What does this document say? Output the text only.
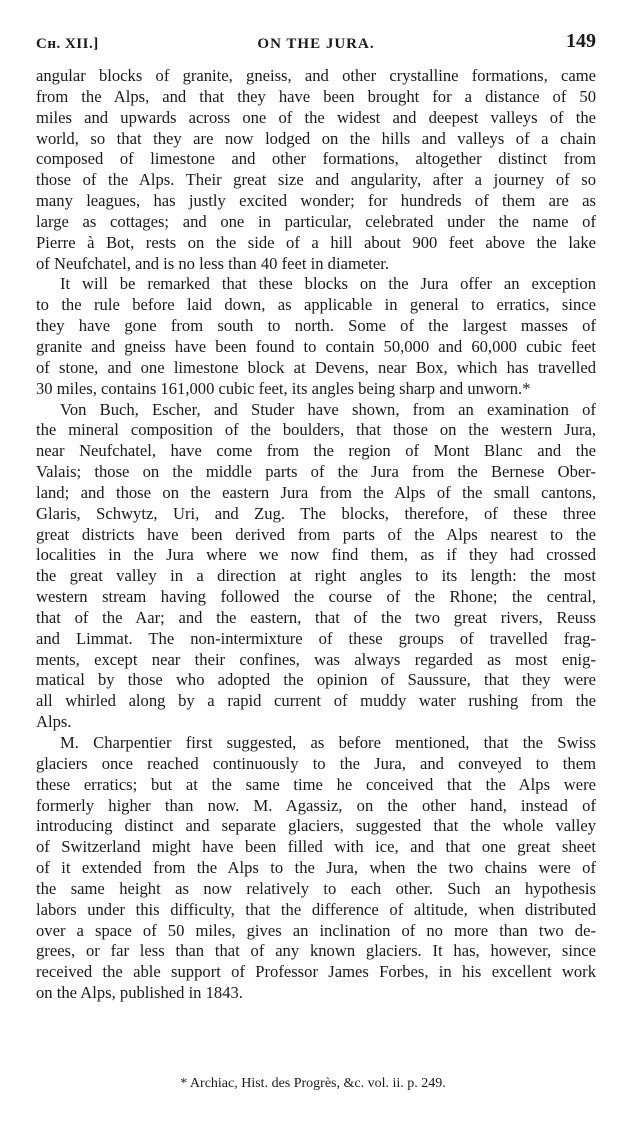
Cʜ. XII.]	ON THE JURA.	149
angular blocks of granite, gneiss, and other crystalline formations, came
from the Alps, and that they have been brought for a distance of 50
miles and upwards across one of the widest and deepest valleys of the
world, so that they are now lodged on the hills and valleys of a chain
composed of limestone and other formations, altogether distinct from
those of the Alps. Their great size and angularity, after a journey of so
many leagues, has justly excited wonder; for hundreds of them are as
large as cottages; and one in particular, celebrated under the name of
Pierre à Bot, rests on the side of a hill about 900 feet above the lake
of Neufchatel, and is no less than 40 feet in diameter.
It will be remarked that these blocks on the Jura offer an exception
to the rule before laid down, as applicable in general to erratics, since
they have gone from south to north. Some of the largest masses of
granite and gneiss have been found to contain 50,000 and 60,000 cubic feet
of stone, and one limestone block at Devens, near Box, which has travelled
30 miles, contains 161,000 cubic feet, its angles being sharp and unworn.*
Von Buch, Escher, and Studer have shown, from an examination of
the mineral composition of the boulders, that those on the western Jura,
near Neufchatel, have come from the region of Mont Blanc and the
Valais; those on the middle parts of the Jura from the Bernese Ober-
land; and those on the eastern Jura from the Alps of the small cantons,
Glaris, Schwytz, Uri, and Zug. The blocks, therefore, of these three
great districts have been derived from parts of the Alps nearest to the
localities in the Jura where we now find them, as if they had crossed
the great valley in a direction at right angles to its length: the most
western stream having followed the course of the Rhone; the central,
that of the Aar; and the eastern, that of the two great rivers, Reuss
and Limmat. The non-intermixture of these groups of travelled frag-
ments, except near their confines, was always regarded as most enig-
matical by those who adopted the opinion of Saussure, that they were
all whirled along by a rapid current of muddy water rushing from the
Alps.
M. Charpentier first suggested, as before mentioned, that the Swiss
glaciers once reached continuously to the Jura, and conveyed to them
these erratics; but at the same time he conceived that the Alps were
formerly higher than now. M. Agassiz, on the other hand, instead of
introducing distinct and separate glaciers, suggested that the whole valley
of Switzerland might have been filled with ice, and that one great sheet
of it extended from the Alps to the Jura, when the two chains were of
the same height as now relatively to each other. Such an hypothesis
labors under this difficulty, that the difference of altitude, when distributed
over a space of 50 miles, gives an inclination of no more than two de-
grees, or far less than that of any known glaciers. It has, however, since
received the able support of Professor James Forbes, in his excellent work
on the Alps, published in 1843.
* Archiac, Hist. des Progrès, &c. vol. ii. p. 249.
